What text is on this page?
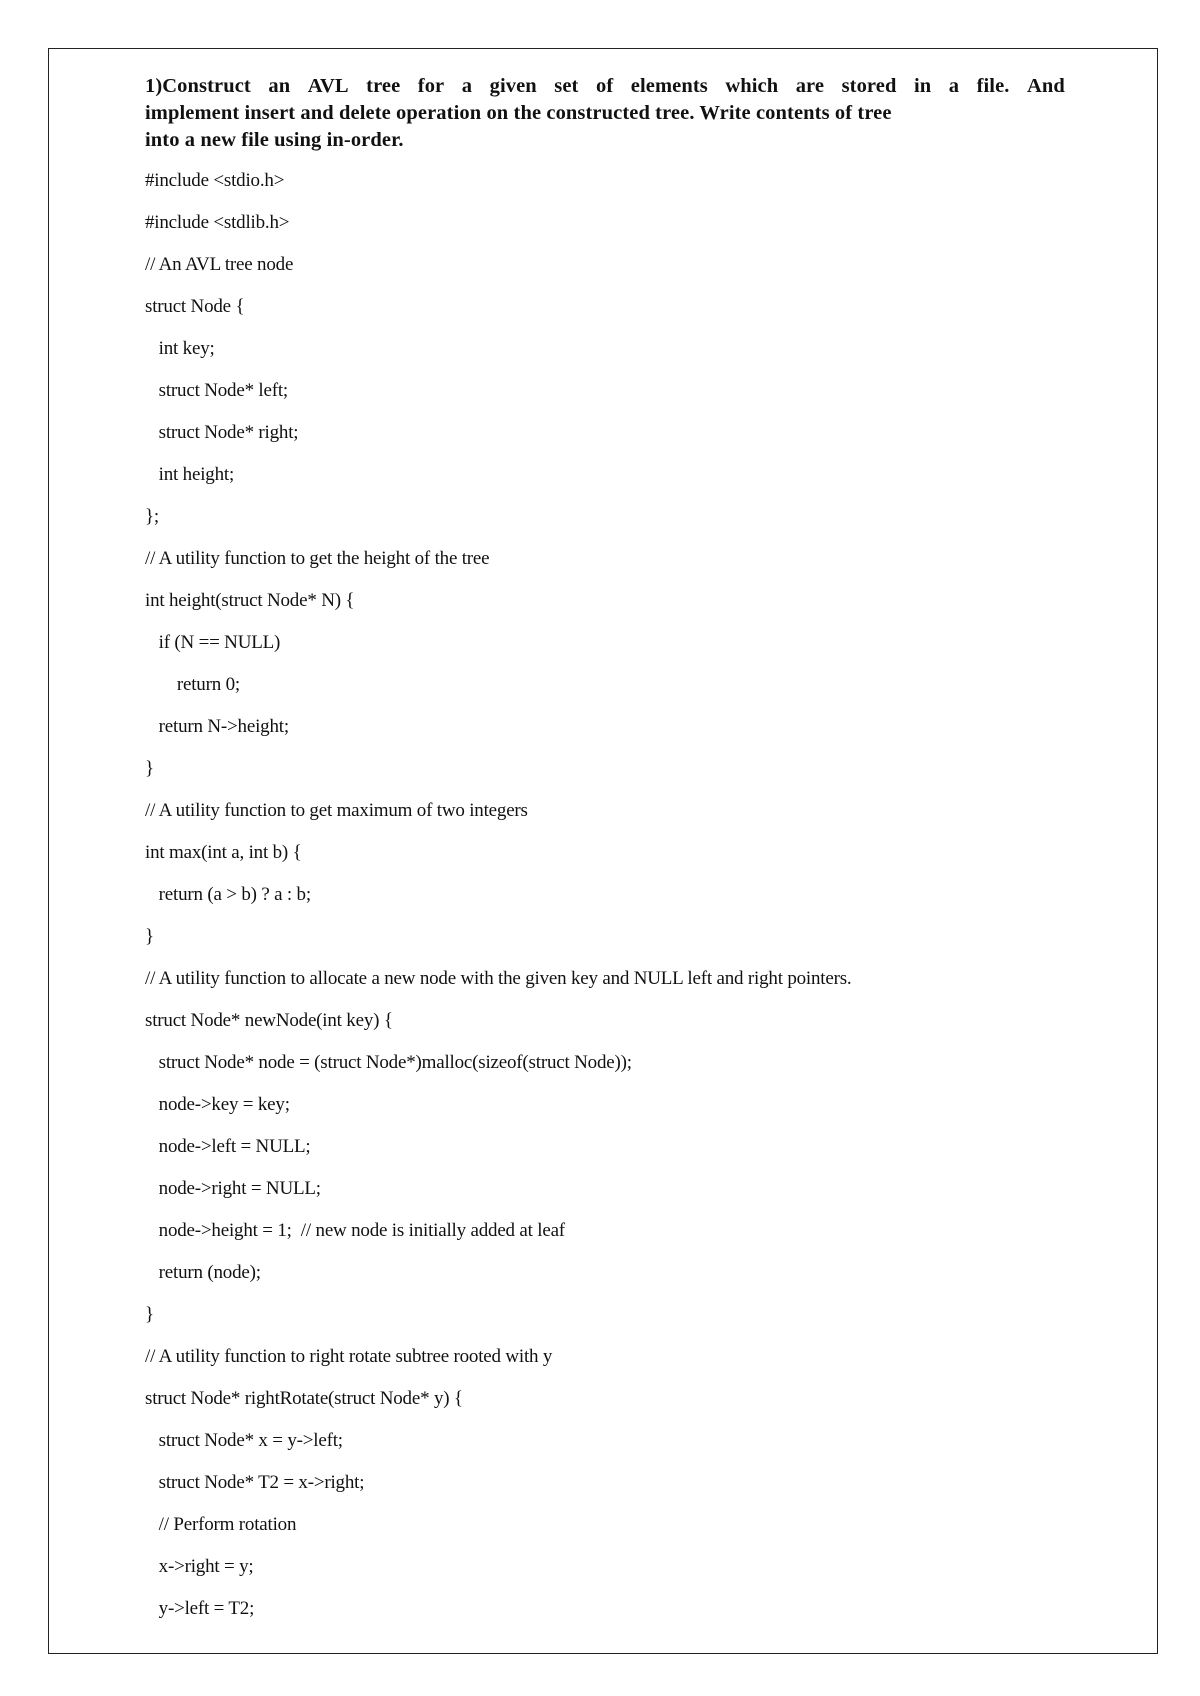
1)Construct an AVL tree for a given set of elements which are stored in a file. And
implement insert and delete operation on the constructed tree. Write contents of tree
into a new file using in-order.
#include <stdio.h>
#include <stdlib.h>
// An AVL tree node
struct Node {
int key;
struct Node* left;
struct Node* right;
int height;
};
// A utility function to get the height of the tree
int height(struct Node* N) {
if (N == NULL)
return 0;
return N->height;
}
// A utility function to get maximum of two integers
int max(int a, int b) {
return (a > b) ? a : b;
}
// A utility function to allocate a new node with the given key and NULL left and right pointers.
struct Node* newNode(int key) {
struct Node* node = (struct Node*)malloc(sizeof(struct Node));
node->key = key;
node->left = NULL;
node->right = NULL;
node->height = 1;  // new node is initially added at leaf
return (node);
}
// A utility function to right rotate subtree rooted with y
struct Node* rightRotate(struct Node* y) {
struct Node* x = y->left;
struct Node* T2 = x->right;
// Perform rotation
x->right = y;
y->left = T2;
